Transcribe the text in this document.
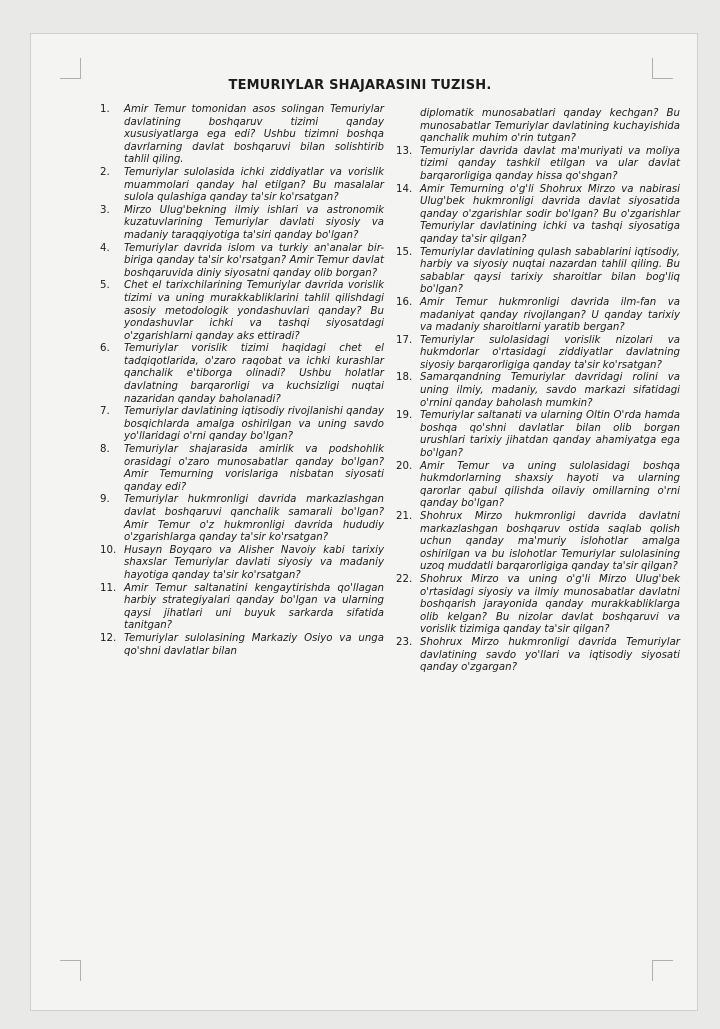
TEMURIYLAR SHAJARASINI TUZISH.

1. Amir Temur tomonidan asos solingan Temuriylar davlatining boshqaruv tizimi qanday xususiyatlarga ega edi? Ushbu tizimni boshqa davrlarning davlat boshqaruvi bilan solishtirib tahlil qiling.

2. Temuriylar sulolasida ichki ziddiyatlar va vorislik muammolari qanday hal etilgan? Bu masalalar sulola qulashiga qanday ta'sir ko'rsatgan?

3. Mirzo Ulug'bekning ilmiy ishlari va astronomik kuzatuvlarining Temuriylar davlati siyosiy va madaniy taraqqiyotiga ta'siri qanday bo'lgan?

4. Temuriylar davrida islom va turkiy an'analar bir-biriga qanday ta'sir ko'rsatgan? Amir Temur davlat boshqaruvida diniy siyosatni qanday olib borgan?

5. Chet el tarixchilarining Temuriylar davrida vorislik tizimi va uning murakkabliklarini tahlil qilishdagi asosiy metodologik yondashuvlari qanday? Bu yondashuvlar ichki va tashqi siyosatdagi o'zgarishlarni qanday aks ettiradi?

6. Temuriylar vorislik tizimi haqidagi chet el tadqiqotlarida, o'zaro raqobat va ichki kurashlar qanchalik e'tiborga olinadi? Ushbu holatlar davlatning barqarorligi va kuchsizligi nuqtai nazaridan qanday baholanadi?

7. Temuriylar davlatining iqtisodiy rivojlanishi qanday bosqichlarda amalga oshirilgan va uning savdo yo'llaridagi o'rni qanday bo'lgan?

8. Temuriylar shajarasida amirlik va podshohlik orasidagi o'zaro munosabatlar qanday bo'lgan? Amir Temurning vorislariga nisbatan siyosati qanday edi?

9. Temuriylar hukmronligi davrida markazlashgan davlat boshqaruvi qanchalik samarali bo'lgan? Amir Temur o'z hukmronligi davrida hududiy o'zgarishlarga qanday ta'sir ko'rsatgan?

10. Husayn Boyqaro va Alisher Navoiy kabi tarixiy shaxslar Temuriylar davlati siyosiy va madaniy hayotiga qanday ta'sir ko'rsatgan?

11. Amir Temur saltanatini kengaytirishda qo'llagan harbiy strategiyalari qanday bo'lgan va ularning qaysi jihatlari uni buyuk sarkarda sifatida tanitgan?

12. Temuriylar sulolasining Markaziy Osiyo va unga qo'shni davlatlar bilan

diplomatik munosabatlari qanday kechgan? Bu munosabatlar Temuriylar davlatining kuchayishida qanchalik muhim o'rin tutgan?

13. Temuriylar davrida davlat ma'muriyati va moliya tizimi qanday tashkil etilgan va ular davlat barqarorligiga qanday hissa qo'shgan?

14. Amir Temurning o'g'li Shohrux Mirzo va nabirasi Ulug'bek hukmronligi davrida davlat siyosatida qanday o'zgarishlar sodir bo'lgan? Bu o'zgarishlar Temuriylar davlatining ichki va tashqi siyosatiga qanday ta'sir qilgan?

15. Temuriylar davlatining qulash sabablarini iqtisodiy, harbiy va siyosiy nuqtai nazardan tahlil qiling. Bu sabablar qaysi tarixiy sharoitlar bilan bog'liq bo'lgan?

16. Amir Temur hukmronligi davrida ilm-fan va madaniyat qanday rivojlangan? U qanday tarixiy va madaniy sharoitlarni yaratib bergan?

17. Temuriylar sulolasidagi vorislik nizolari va hukmdorlar o'rtasidagi ziddiyatlar davlatning siyosiy barqarorligiga qanday ta'sir ko'rsatgan?

18. Samarqandning Temuriylar davridagi rolini va uning ilmiy, madaniy, savdo markazi sifatidagi o'rnini qanday baholash mumkin?

19. Temuriylar saltanati va ularning Oltin O'rda hamda boshqa qo'shni davlatlar bilan olib borgan urushlari tarixiy jihatdan qanday ahamiyatga ega bo'lgan?

20. Amir Temur va uning sulolasidagi boshqa hukmdorlarning shaxsiy hayoti va ularning qarorlar qabul qilishda oilaviy omillarning o'rni qanday bo'lgan?

21. Shohrux Mirzo hukmronligi davrida davlatni markazlashgan boshqaruv ostida saqlab qolish uchun qanday ma'muriy islohotlar amalga oshirilgan va bu islohotlar Temuriylar sulolasining uzoq muddatli barqarorligiga qanday ta'sir qilgan?

22. Shohrux Mirzo va uning o'g'li Mirzo Ulug'bek o'rtasidagi siyosiy va ilmiy munosabatlar davlatni boshqarish jarayonida qanday murakkabliklarga olib kelgan? Bu nizolar davlat boshqaruvi va vorislik tizimiga qanday ta'sir qilgan?

23. Shohrux Mirzo hukmronligi davrida Temuriylar davlatining savdo yo'llari va iqtisodiy siyosati qanday o'zgargan?
